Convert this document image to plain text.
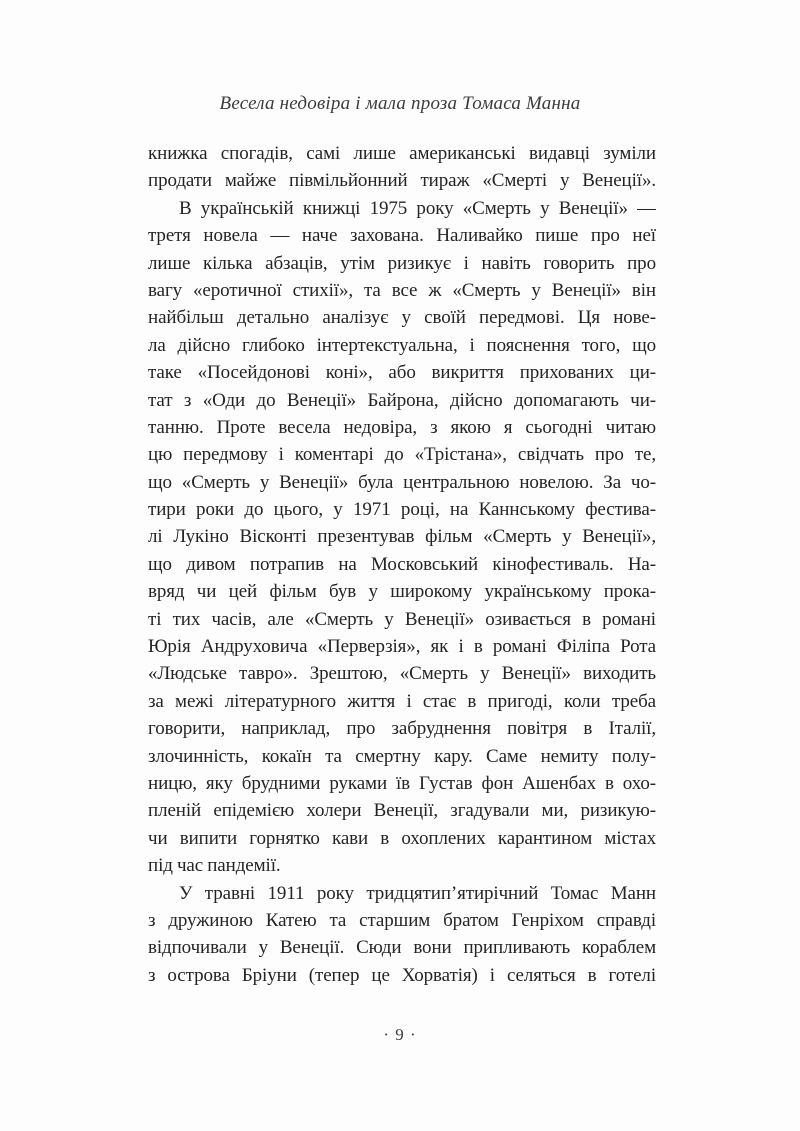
Весела недовіра і мала проза Томаса Манна
книжка спогадів, самі лише американські видавці зуміли
продати майже півмільйонний тираж «Смерті у Венеції».
В українській книжці 1975 року «Смерть у Венеції» —
третя новела — наче захована. Наливайко пише про неї
лише кілька абзаців, утім ризикує і навіть говорить про
вагу «еротичної стихії», та все ж «Смерть у Венеції» він
найбільш детально аналізує у своїй передмові. Ця нове-
ла дійсно глибоко інтертекстуальна, і пояснення того, що
таке «Посейдонові коні», або викриття прихованих ци-
тат з «Оди до Венеції» Байрона, дійсно допомагають чи-
танню. Проте весела недовіра, з якою я сьогодні читаю
цю передмову і коментарі до «Трістана», свідчать про те,
що «Смерть у Венеції» була центральною новелою. За чо-
тири роки до цього, у 1971 році, на Каннському фестива-
лі Лукіно Вісконті презентував фільм «Смерть у Венеції»,
що дивом потрапив на Московський кінофестиваль. На-
вряд чи цей фільм був у широкому українському прока-
ті тих часів, але «Смерть у Венеції» озивається в романі
Юрія Андруховича «Перверзія», як і в романі Філіпа Рота
«Людське тавро». Зрештою, «Смерть у Венеції» виходить
за межі літературного життя і стає в пригоді, коли треба
говорити, наприклад, про забруднення повітря в Італії,
злочинність, кокаїн та смертну кару. Саме немиту полу-
ницю, яку брудними руками їв Густав фон Ашенбах в охо-
пленій епідемією холери Венеції, згадували ми, ризикую-
чи випити горнятко кави в охоплених карантином містах
під час пандемії.
У травні 1911 року тридцятип’ятирічний Томас Манн
з дружиною Катею та старшим братом Генріхом справді
відпочивали у Венеції. Сюди вони припливають кораблем
з острова Бріуни (тепер це Хорватія) і селяться в готелі
· 9 ·
